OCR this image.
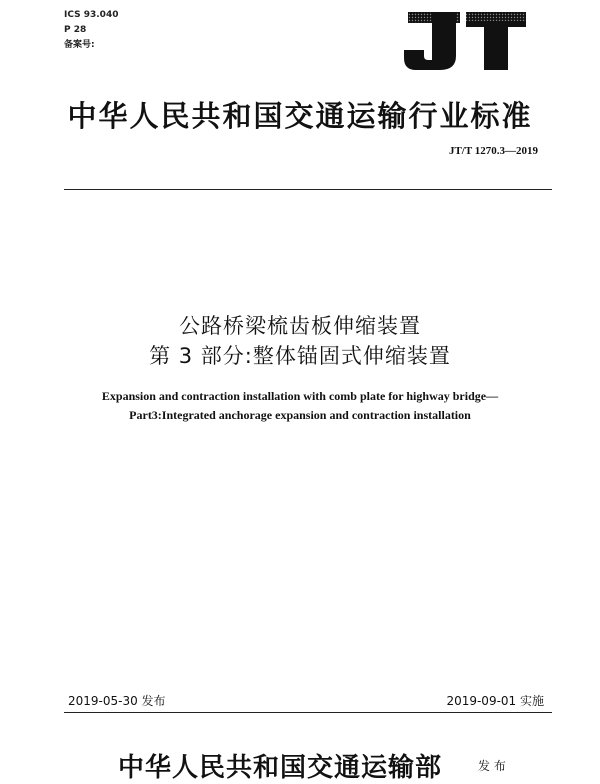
ICS 93.040
P 28
备案号:
中华人民共和国交通运输行业标准
JT/T 1270.3—2019
公路桥梁梳齿板伸缩装置
第 3 部分:整体锚固式伸缩装置
Expansion and contraction installation with comb plate for highway bridge—
Part3:Integrated anchorage expansion and contraction installation
2019-05-30 发布	2019-09-01 实施
中华人民共和国交通运输部	发 布
